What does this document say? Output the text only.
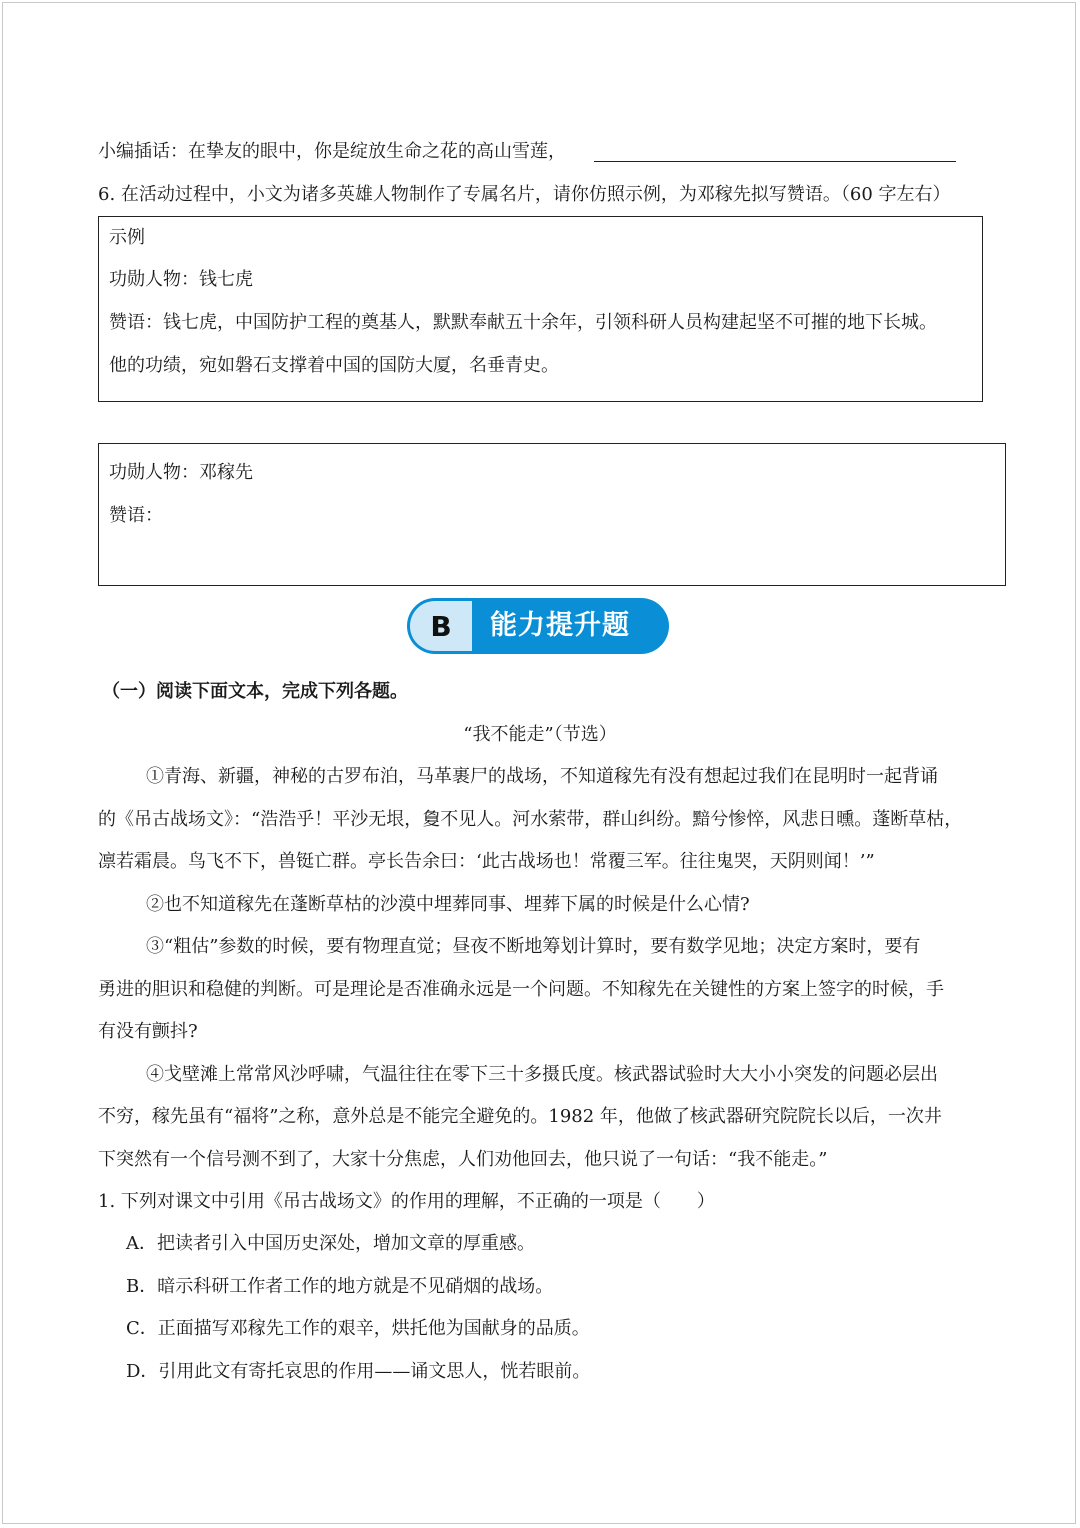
小编插话：在挚友的眼中，你是绽放生命之花的高山雪莲，
6. 在活动过程中，小文为诸多英雄人物制作了专属名片，请你仿照示例，为邓稼先拟写赞语。（60 字左右）
示例
功勋人物：钱七虎
赞语：钱七虎，中国防护工程的奠基人，默默奉献五十余年，引领科研人员构建起坚不可摧的地下长城。
他的功绩，宛如磐石支撑着中国的国防大厦，名垂青史。
功勋人物：邓稼先
赞语：
B	能力提升题
（一）阅读下面文本，完成下列各题。
“我不能走”（节选）
①青海、新疆，神秘的古罗布泊，马革裹尸的战场，不知道稼先有没有想起过我们在昆明时一起背诵
的《吊古战场文》：“浩浩乎！平沙无垠，敻不见人。河水萦带，群山纠纷。黯兮惨悴，风悲日曛。蓬断草枯，
凛若霜晨。鸟飞不下，兽铤亡群。亭长告余曰：‘此古战场也！常覆三军。往往鬼哭，天阴则闻！’”
②也不知道稼先在蓬断草枯的沙漠中埋葬同事、埋葬下属的时候是什么心情?
③“粗估”参数的时候，要有物理直觉；昼夜不断地筹划计算时，要有数学见地；决定方案时，要有
勇进的胆识和稳健的判断。可是理论是否准确永远是一个问题。不知稼先在关键性的方案上签字的时候，手
有没有颤抖?
④戈壁滩上常常风沙呼啸，气温往往在零下三十多摄氏度。核武器试验时大大小小突发的问题必层出
不穷，稼先虽有“福将”之称，意外总是不能完全避免的。1982 年，他做了核武器研究院院长以后，一次井
下突然有一个信号测不到了，大家十分焦虑，人们劝他回去，他只说了一句话：“我不能走。”
1. 下列对课文中引用《吊古战场文》的作用的理解，不正确的一项是（　　）
A．把读者引入中国历史深处，增加文章的厚重感。
B．暗示科研工作者工作的地方就是不见硝烟的战场。
C．正面描写邓稼先工作的艰辛，烘托他为国献身的品质。
D．引用此文有寄托哀思的作用——诵文思人，恍若眼前。
